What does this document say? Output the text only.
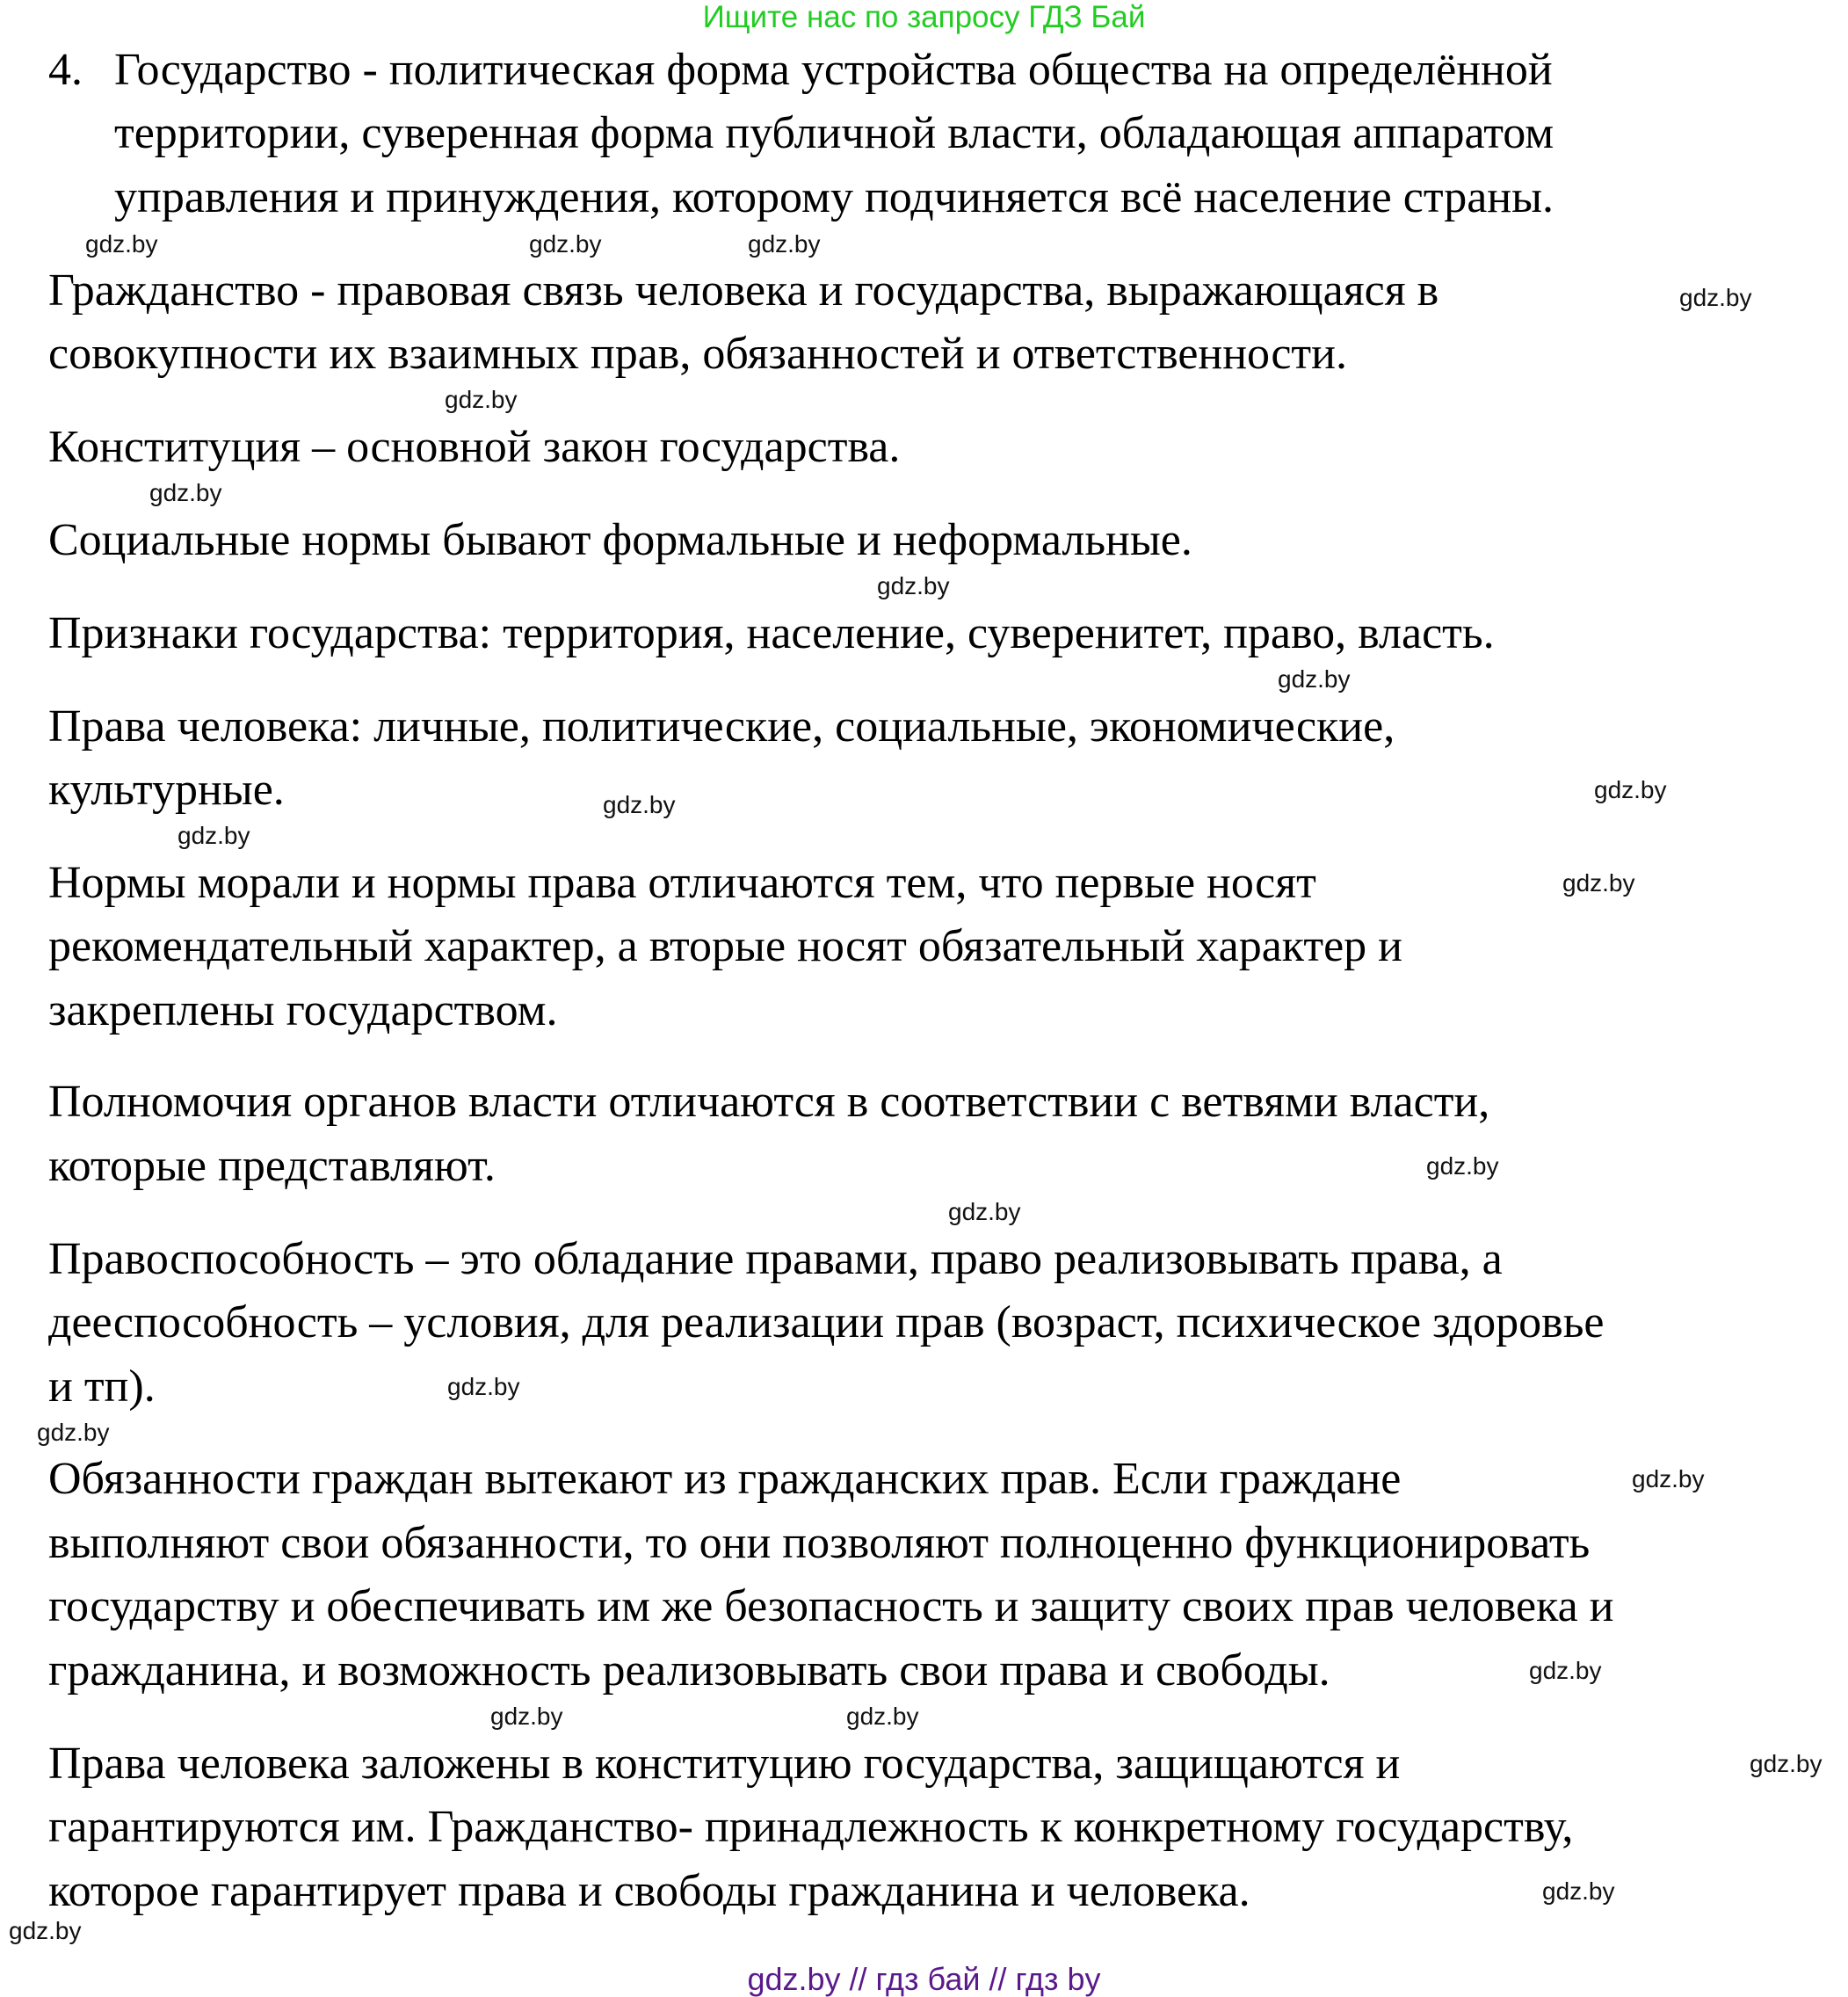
Ищите нас по запросу ГДЗ Бай
4. Государство - политическая форма устройства общества на определённой
территории, суверенная форма публичной власти, обладающая аппаратом
управления и принуждения, которому подчиняется всё население страны.
Гражданство - правовая связь человека и государства, выражающаяся в
совокупности их взаимных прав, обязанностей и ответственности.
Конституция – основной закон государства.
Социальные нормы бывают формальные и неформальные.
Признаки государства: территория, население, суверенитет, право, власть.
Права человека: личные, политические, социальные, экономические,
культурные.
Нормы морали и нормы права отличаются тем, что первые носят
рекомендательный характер, а вторые носят обязательный характер и
закреплены государством.
Полномочия органов власти отличаются в соответствии с ветвями власти,
которые представляют.
Правоспособность – это обладание правами, право реализовывать права, а
дееспособность – условия, для реализации прав (возраст, психическое здоровье
и тп).
Обязанности граждан вытекают из гражданских прав. Если граждане
выполняют свои обязанности, то они позволяют полноценно функционировать
государству и обеспечивать им же безопасность и защиту своих прав человека и
гражданина, и возможность реализовывать свои права и свободы.
Права человека заложены в конституцию государства, защищаются и
гарантируются им. Гражданство- принадлежность к конкретному государству,
которое гарантирует права и свободы гражданина и человека.
gdz.by	gdz.by
gdz.by
gdz.by
gdz.by
gdz.by
gdz.by
gdz.by
gdz.by
gdz.by
gdz.by
gdz.by
gdz.by
gdz.by
gdz.by
gdz.by
gdz.by
gdz.by
gdz.by
gdz.by
gdz.by
gdz.by
gdz.by
gdz.by // гдз бай // гдз by
